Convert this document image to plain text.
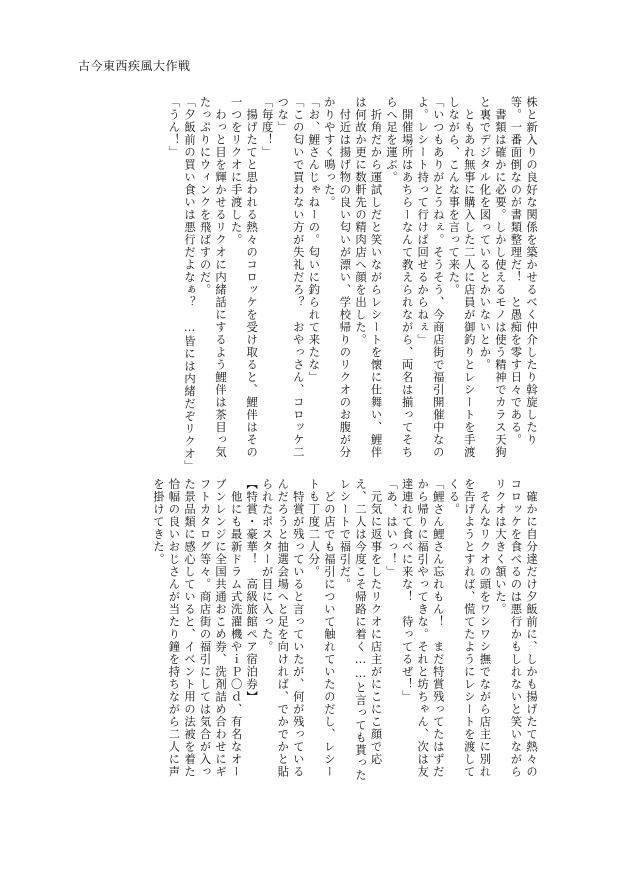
古今東西疾風大作戦

株と新入りの良好な関係を築かせるべく仲介したり斡旋したり等。一番面倒なのが書類整理だ！　と愚痴を零す日々である。

　書類は確かに必要。しかし使えるモノは使う精神でカラス天狗と裏でデジタル化を図っているとかいないとか。

　ともあれ無事に購入した二人に店員が御釣りとレシートを手渡しながら、こんな事を言って来た。

「いつもありがとうねぇ。そうそう、今商店街で福引開催中なのよ。レシート持って行けば回せるからねぇ」

　開催場所はあちらーなんて教えられながら、両名は揃ってそちらへ足を運ぶ。

　折角だから運試しだと笑いながらレシートを懐に仕舞い、鯉伴は何故か更に数軒先の精肉店へ顔を出した。

　付近は揚げ物の良い匂いが漂い、学校帰りのリクオのお腹が分かりやすく鳴った。

「お、鯉さんじゃねーの。匂いに釣られて来たな」

「この匂いで買わない方が失礼だろ？　おやっさん、コロッケ二つな」

「毎度！」

　揚げたてと思われる熱々のコロッケを受け取ると、鯉伴はその一つをリクオに手渡した。

　わっと目を輝かせるリクオに内緒話にするよう鯉伴は茶目っ気たっぷりにウィンクを飛ばすのだ。

「夕飯前の買い食いは悪行だよなぁ？　…皆には内緒だぞリクオ」

「うん！」

　確かに自分達だけ夕飯前に、しかも揚げたて熱々のコロッケを食べるのは悪行かもしれないと笑いながらリクオは大きく頷いた。

　そんなリクオの頭をワシワシ撫でながら店主に別れを告げようとすれば、慌てたようにレシートを渡してくる。

「鯉さん鯉さん忘れもん！　まだ特賞残ってたはずだから帰りに福引やってきな。それと坊ちゃん、次は友達連れて食べに来な！　待ってるぜ！」

「あ、はいっ！」

　元気に返事をしたリクオに店主がにこにこ顔で応え、二人は今度こそ帰路に着く……と言っても貰ったレシートで福引だ。

　どの店でも福引について触れていたのだし、レシートも丁度二人分。

　特賞が残っていると言っていたが、何が残っているんだろうと抽選会場へと足を向ければ、でかでかと貼られたポスターが目に入った。

【特賞・豪華！　高級旅館ペア宿泊券】

　他にも最新ドラム式洗濯機やｉＰ〇ｄ、有名なオーブンレンジに全国共通おこめ券、洗剤詰め合わせにギフトカタログ等々。商店街の福引にしては気合が入った景品類に感心していると、イベント用の法被を着た恰幅の良いおじさんが当たり鐘を持ちながら二人に声を掛けてきた。
